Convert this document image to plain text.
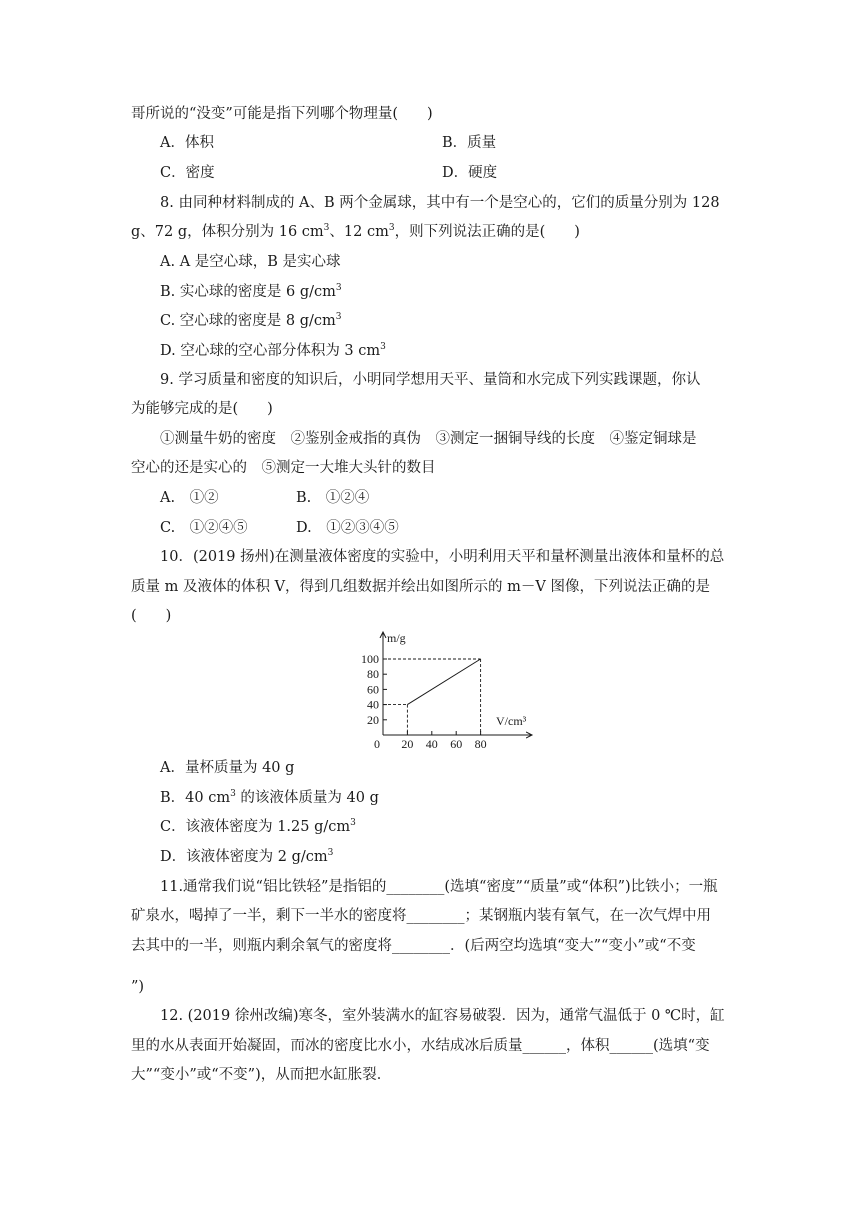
哥所说的“没变”可能是指下列哪个物理量(　　)
A．体积	B．质量
C．密度	D．硬度
8. 由同种材料制成的 A、B 两个金属球，其中有一个是空心的，它们的质量分别为 128
g、72 g，体积分别为 16 $cm^3$、12 $cm^3$，则下列说法正确的是(　　)
A. A 是空心球，B 是实心球
B. 实心球的密度是 6 $g/cm^3$
C. 空心球的密度是 8 $g/cm^3$
D. 空心球的空心部分体积为 3 $cm^3$
9. 学习质量和密度的知识后，小明同学想用天平、量筒和水完成下列实践课题，你认
为能够完成的是(　　)
①测量牛奶的密度　②鉴别金戒指的真伪　③测定一捆铜导线的长度　④鉴定铜球是
空心的还是实心的　⑤测定一大堆大头针的数目
A.　①②	B.　①②④
C.　①②④⑤	D.　①②③④⑤
10．(2019 扬州)在测量液体密度的实验中，小明利用天平和量杯测量出液体和量杯的总
质量 m 及液体的体积 V，得到几组数据并绘出如图所示的 m－V 图像，下列说法正确的是
(　　)
m/g
V/cm³
0
20
40
60
80
100
20 40 60 80
A．量杯质量为 40 g
B．40 $cm^3$ 的该液体质量为 40 g
C．该液体密度为 1.25 $g/cm^3$
D．该液体密度为 2 $g/cm^3$
11.通常我们说“铝比铁轻”是指铝的________(选填“密度”“质量”或“体积”)比铁小；一瓶
矿泉水，喝掉了一半，剩下一半水的密度将________；某钢瓶内装有氧气，在一次气焊中用
去其中的一半，则瓶内剩余氧气的密度将________．(后两空均选填“变大”“变小”或“不变
”)
12. (2019 徐州改编)寒冬，室外装满水的缸容易破裂．因为，通常气温低于 0 ℃时，缸
里的水从表面开始凝固，而冰的密度比水小，水结成冰后质量______，体积______(选填“变
大”“变小”或“不变”)，从而把水缸胀裂．
